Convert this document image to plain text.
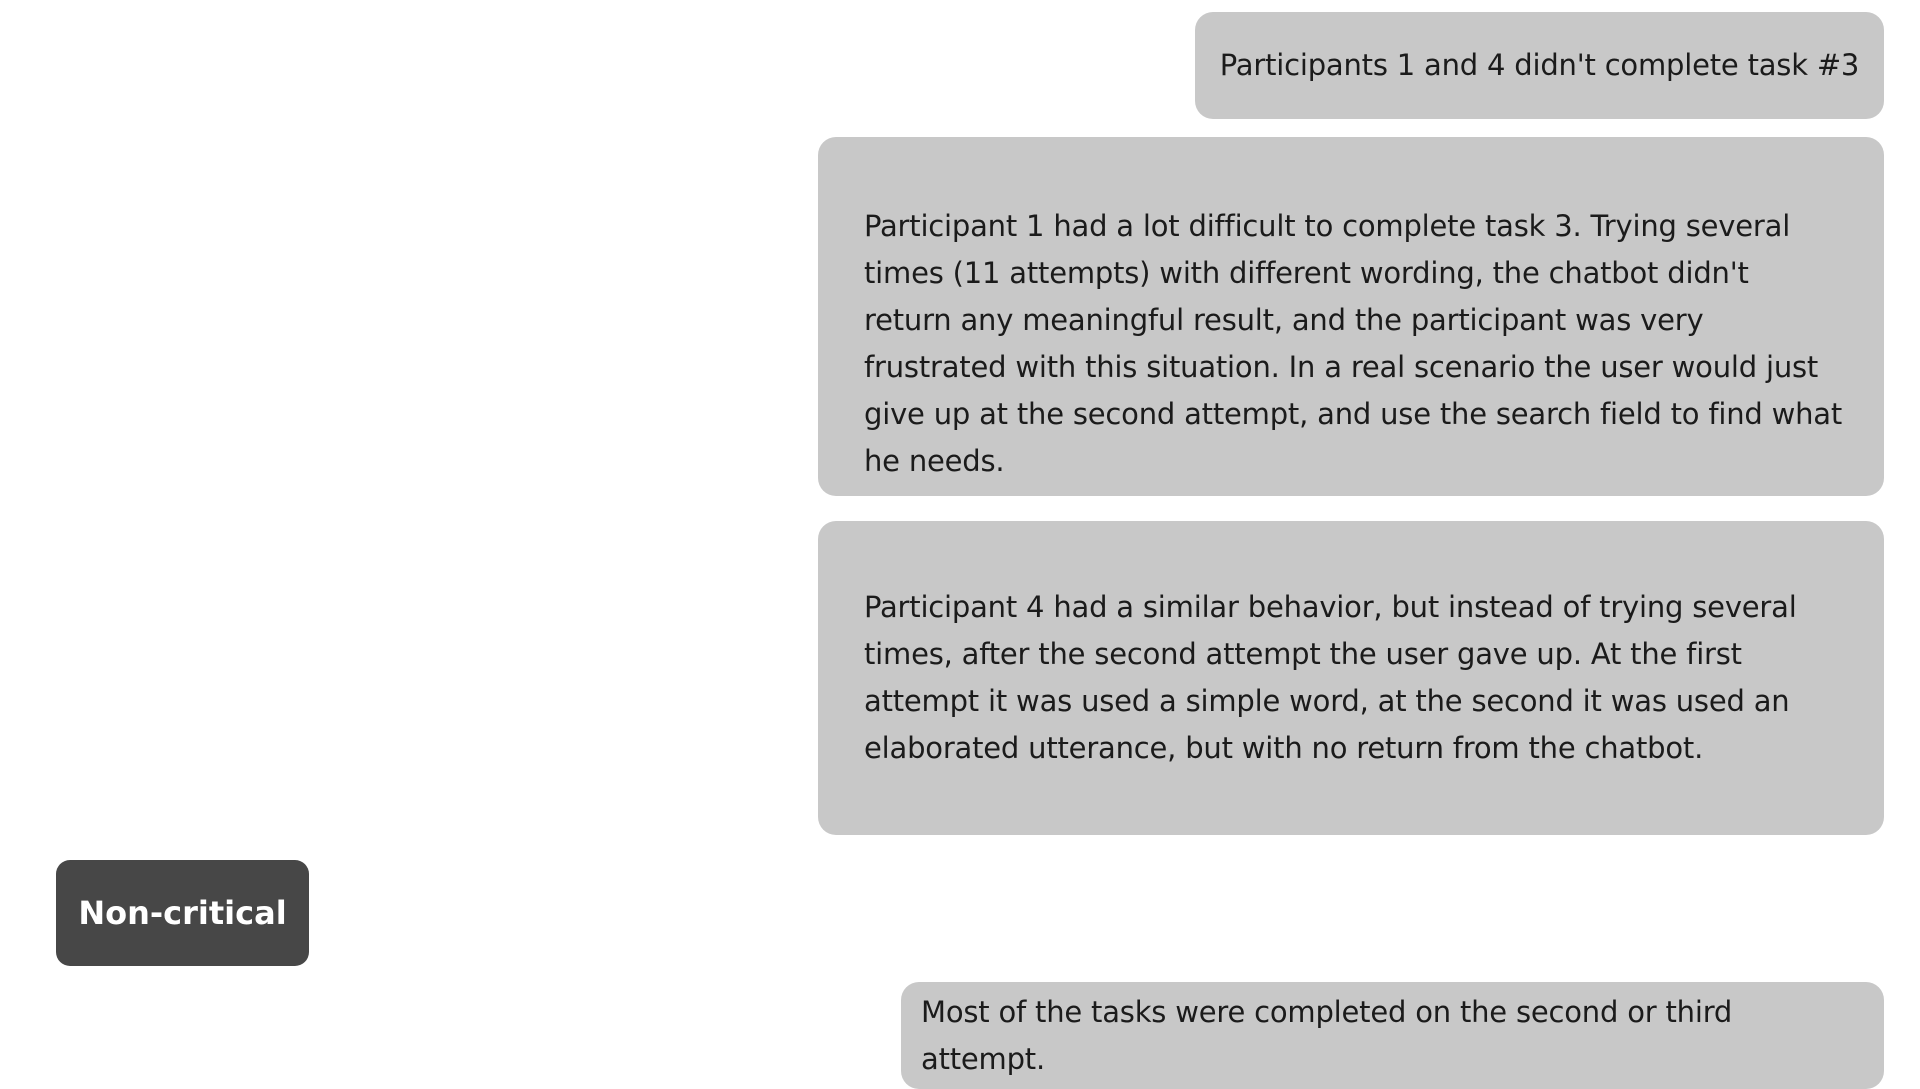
Participants 1 and 4 didn't complete task #3
Participant 1 had a lot difficult to complete task 3. Trying several times (11 attempts) with different wording, the chatbot didn't return any meaningful result, and the participant was very frustrated with this situation. In a real scenario the user would just give up at the second attempt, and use the search field to find what he needs.
Participant 4 had a similar behavior, but instead of trying several times, after the second attempt the user gave up. At the first attempt it was used a simple word, at the second it was used an elaborated utterance, but with no return from the chatbot.
Non-critical
Most of the tasks were completed on the second or third attempt.
